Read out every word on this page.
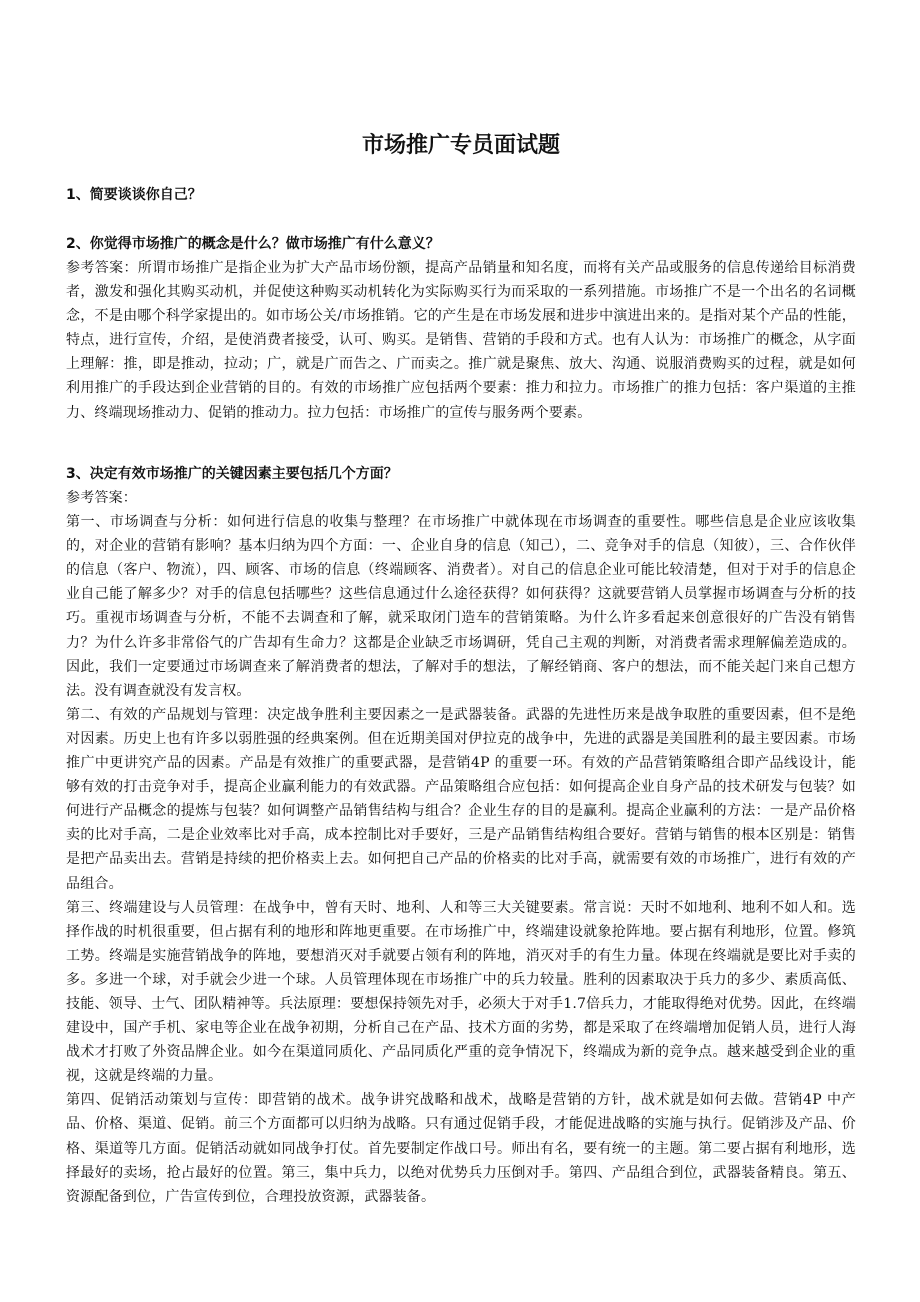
市场推广专员面试题

1、简要谈谈你自己？

2、你觉得市场推广的概念是什么？做市场推广有什么意义？

参考答案：所谓市场推广是指企业为扩大产品市场份额，提高产品销量和知名度，而将有关产品或服务的信息传递给目标消费者，激发和强化其购买动机，并促使这种购买动机转化为实际购买行为而采取的一系列措施。市场推广不是一个出名的名词概念，不是由哪个科学家提出的。如市场公关/市场推销。它的产生是在市场发展和进步中演进出来的。是指对某个产品的性能，特点，进行宣传，介绍，是使消费者接受，认可、购买。是销售、营销的手段和方式。也有人认为：市场推广的概念，从字面上理解：推，即是推动，拉动；广，就是广而告之、广而卖之。推广就是聚焦、放大、沟通、说服消费购买的过程，就是如何利用推广的手段达到企业营销的目的。有效的市场推广应包括两个要素：推力和拉力。市场推广的推力包括：客户渠道的主推力、终端现场推动力、促销的推动力。拉力包括：市场推广的宣传与服务两个要素。

3、决定有效市场推广的关键因素主要包括几个方面？

参考答案：

第一、市场调查与分析：如何进行信息的收集与整理？在市场推广中就体现在市场调查的重要性。哪些信息是企业应该收集的，对企业的营销有影响？基本归纳为四个方面：一、企业自身的信息（知己），二、竞争对手的信息（知彼），三、合作伙伴的信息（客户、物流），四、顾客、市场的信息（终端顾客、消费者）。对自己的信息企业可能比较清楚，但对于对手的信息企业自己能了解多少？对手的信息包括哪些？这些信息通过什么途径获得？如何获得？这就要营销人员掌握市场调查与分析的技巧。重视市场调查与分析，不能不去调查和了解，就采取闭门造车的营销策略。为什么许多看起来创意很好的广告没有销售力？为什么许多非常俗气的广告却有生命力？这都是企业缺乏市场调研，凭自己主观的判断，对消费者需求理解偏差造成的。因此，我们一定要通过市场调查来了解消费者的想法，了解对手的想法，了解经销商、客户的想法，而不能关起门来自己想方法。没有调查就没有发言权。

第二、有效的产品规划与管理：决定战争胜利主要因素之一是武器装备。武器的先进性历来是战争取胜的重要因素，但不是绝对因素。历史上也有许多以弱胜强的经典案例。但在近期美国对伊拉克的战争中，先进的武器是美国胜利的最主要因素。市场推广中更讲究产品的因素。产品是有效推广的重要武器，是营销4P 的重要一环。有效的产品营销策略组合即产品线设计，能够有效的打击竞争对手，提高企业赢利能力的有效武器。产品策略组合应包括：如何提高企业自身产品的技术研发与包装？如何进行产品概念的提炼与包装？如何调整产品销售结构与组合？企业生存的目的是赢利。提高企业赢利的方法：一是产品价格卖的比对手高，二是企业效率比对手高，成本控制比对手要好，三是产品销售结构组合要好。营销与销售的根本区别是：销售是把产品卖出去。营销是持续的把价格卖上去。如何把自己产品的价格卖的比对手高，就需要有效的市场推广，进行有效的产品组合。

第三、终端建设与人员管理：在战争中，曾有天时、地利、人和等三大关键要素。常言说：天时不如地利、地利不如人和。选择作战的时机很重要，但占据有利的地形和阵地更重要。在市场推广中，终端建设就象抢阵地。要占据有利地形，位置。修筑工势。终端是实施营销战争的阵地，要想消灭对手就要占领有利的阵地，消灭对手的有生力量。体现在终端就是要比对手卖的多。多进一个球，对手就会少进一个球。人员管理体现在市场推广中的兵力较量。胜利的因素取决于兵力的多少、素质高低、技能、领导、士气、团队精神等。兵法原理：要想保持领先对手，必须大于对手1.7倍兵力，才能取得绝对优势。因此，在终端建设中，国产手机、家电等企业在战争初期，分析自己在产品、技术方面的劣势，都是采取了在终端增加促销人员，进行人海战术才打败了外资品牌企业。如今在渠道同质化、产品同质化严重的竞争情况下，终端成为新的竞争点。越来越受到企业的重视，这就是终端的力量。

第四、促销活动策划与宣传：即营销的战术。战争讲究战略和战术，战略是营销的方针，战术就是如何去做。营销4P 中产品、价格、渠道、促销。前三个方面都可以归纳为战略。只有通过促销手段，才能促进战略的实施与执行。促销涉及产品、价格、渠道等几方面。促销活动就如同战争打仗。首先要制定作战口号。师出有名，要有统一的主题。第二要占据有利地形，选择最好的卖场，抢占最好的位置。第三，集中兵力，以绝对优势兵力压倒对手。第四、产品组合到位，武器装备精良。第五、资源配备到位，广告宣传到位，合理投放资源，武器装备。
